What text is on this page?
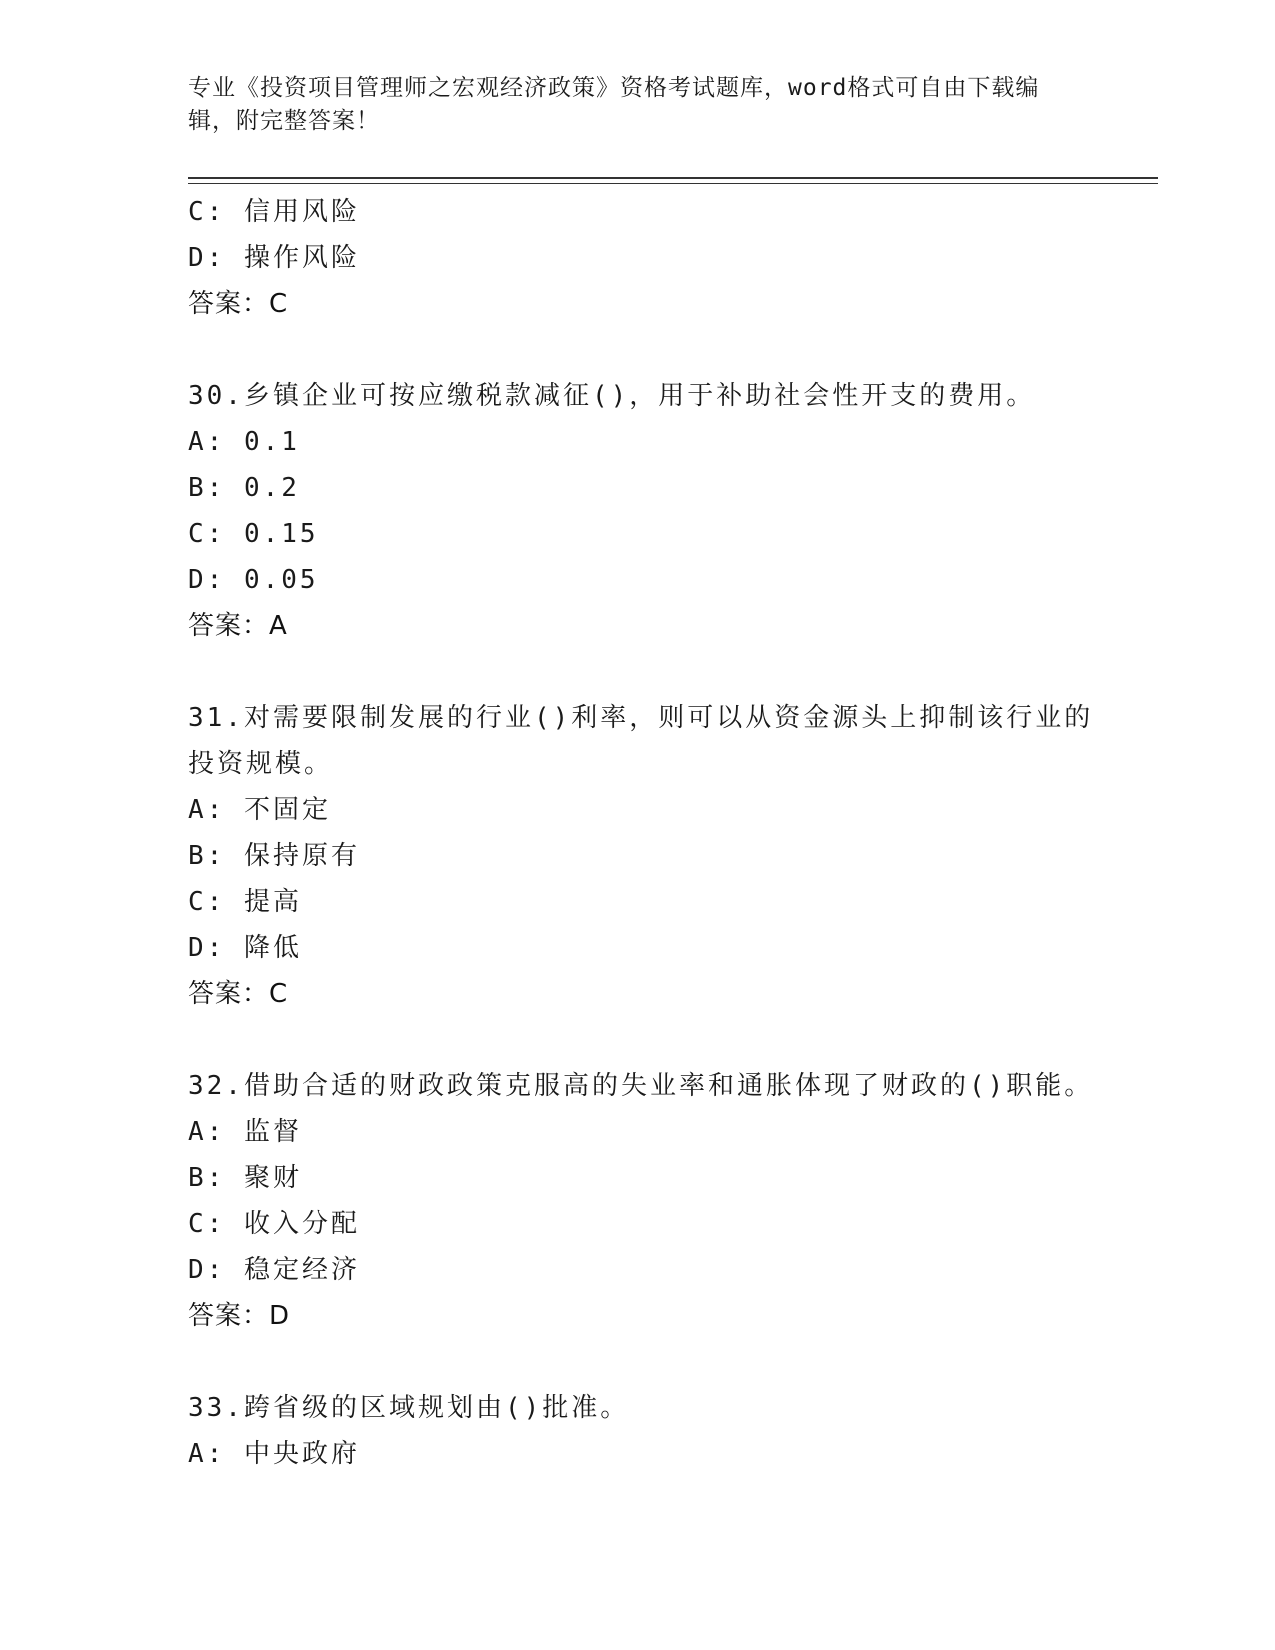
专业《投资项目管理师之宏观经济政策》资格考试题库，word格式可自由下载编
辑，附完整答案！
C: 信用风险
D: 操作风险
答案：C
30.乡镇企业可按应缴税款减征()，用于补助社会性开支的费用。
A: 0.1
B: 0.2
C: 0.15
D: 0.05
答案：A
31.对需要限制发展的行业()利率，则可以从资金源头上抑制该行业的
投资规模。
A: 不固定
B: 保持原有
C: 提高
D: 降低
答案：C
32.借助合适的财政政策克服高的失业率和通胀体现了财政的()职能。
A: 监督
B: 聚财
C: 收入分配
D: 稳定经济
答案：D
33.跨省级的区域规划由()批准。
A: 中央政府
